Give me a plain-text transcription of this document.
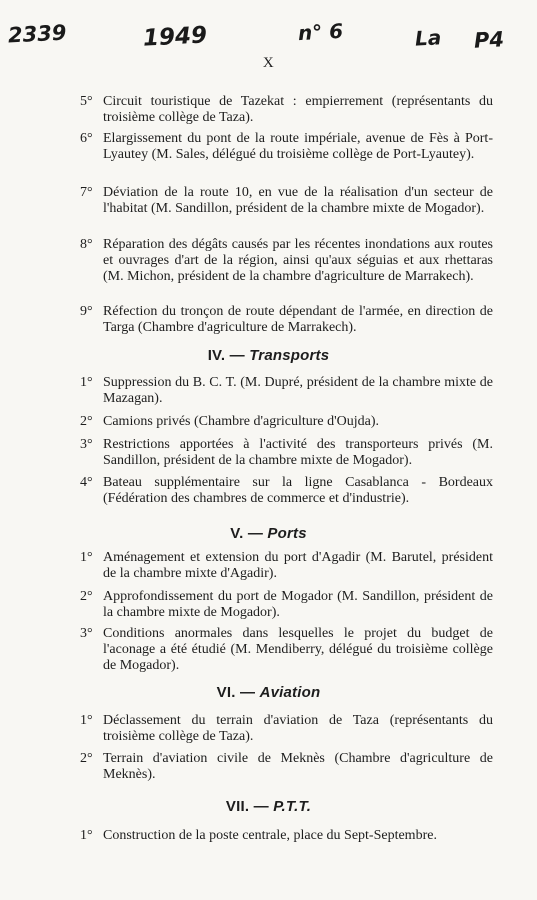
2339	1949	n° 6	La P4
X
5° Circuit touristique de Tazekat : empierrement (représentants du troisième collège de Taza).
6° Elargissement du pont de la route impériale, avenue de Fès à Port-Lyautey (M. Sales, délégué du troisième collège de Port-Lyautey).
7° Déviation de la route 10, en vue de la réalisation d'un secteur de l'habitat (M. Sandillon, président de la chambre mixte de Mogador).
8° Réparation des dégâts causés par les récentes inondations aux routes et ouvrages d'art de la région, ainsi qu'aux séguias et aux rhettaras (M. Michon, président de la chambre d'agriculture de Marrakech).
9° Réfection du tronçon de route dépendant de l'armée, en direction de Targa (Chambre d'agriculture de Marrakech).
IV. — Transports
1° Suppression du B. C. T. (M. Dupré, président de la chambre mixte de Mazagan).
2° Camions privés (Chambre d'agriculture d'Oujda).
3° Restrictions apportées à l'activité des transporteurs privés (M. Sandillon, président de la chambre mixte de Mogador).
4° Bateau supplémentaire sur la ligne Casablanca - Bordeaux (Fédération des chambres de commerce et d'industrie).
V. — Ports
1° Aménagement et extension du port d'Agadir (M. Barutel, président de la chambre mixte d'Agadir).
2° Approfondissement du port de Mogador (M. Sandillon, président de la chambre mixte de Mogador).
3° Conditions anormales dans lesquelles le projet du budget de l'aconage a été étudié (M. Mendiberry, délégué du troisième collège de Mogador).
VI. — Aviation
1° Déclassement du terrain d'aviation de Taza (représentants du troisième collège de Taza).
2° Terrain d'aviation civile de Meknès (Chambre d'agriculture de Meknès).
VII. — P.T.T.
1° Construction de la poste centrale, place du Sept-Septembre.
